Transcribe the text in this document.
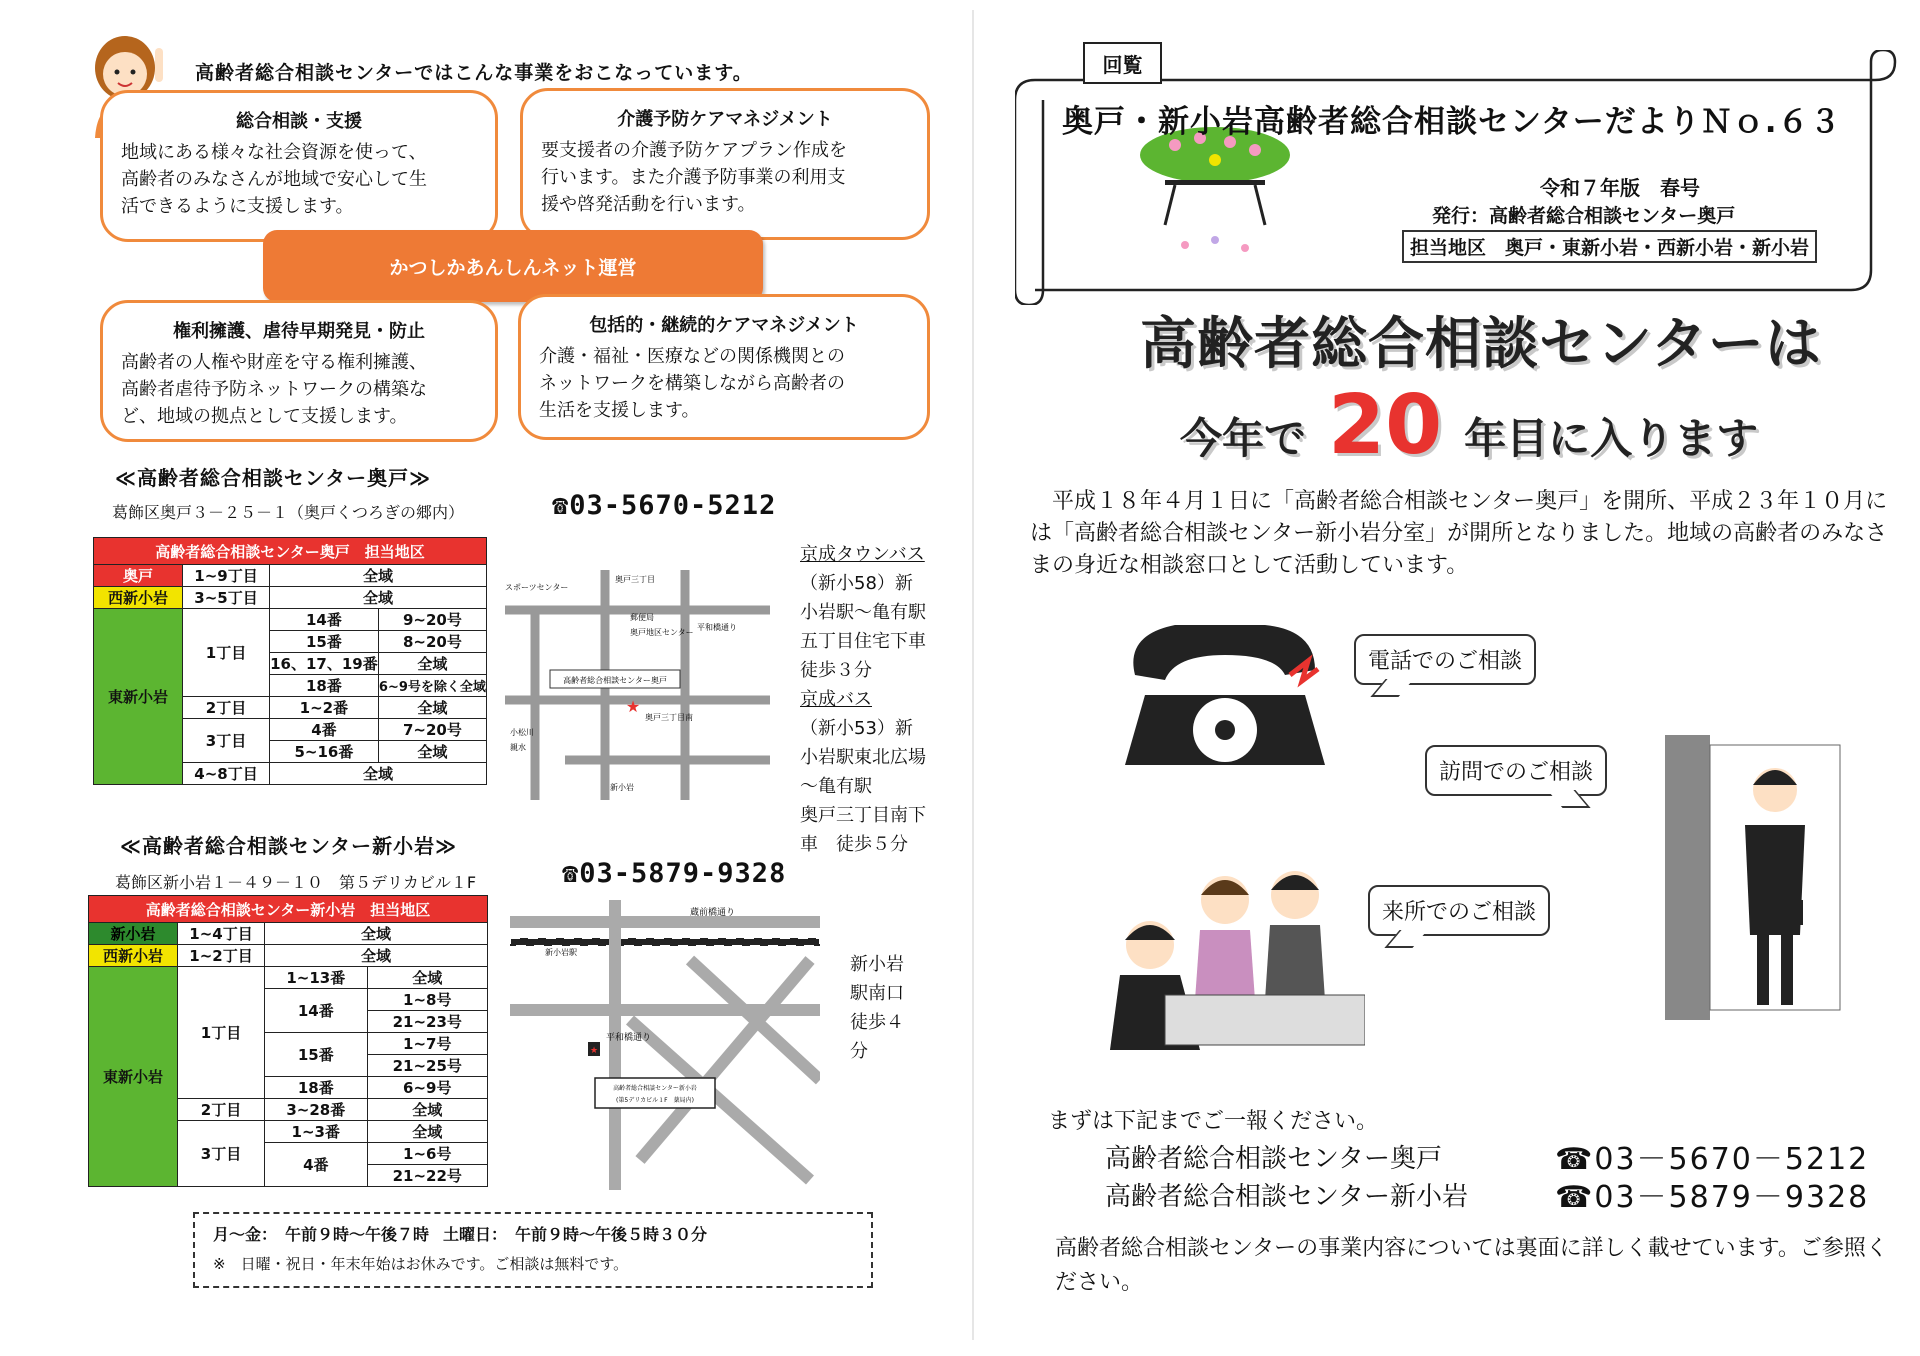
高齢者総合相談センターではこんな事業をおこなっています。
総合相談・支援

地域にある様々な社会資源を使って、
高齢者のみなさんが地域で安心して生
活できるように支援します。

介護予防ケアマネジメント

要支援者の介護予防ケアプラン作成を
行います。また介護予防事業の利用支
援や啓発活動を行います。

かつしかあんしんネット運営
権利擁護、虐待早期発見・防止

高齢者の人権や財産を守る権利擁護、
高齢者虐待予防ネットワークの構築な
ど、地域の拠点として支援します。

包括的・継続的ケアマネジメント

介護・福祉・医療などの関係機関との
ネットワークを構築しながら高齢者の
生活を支援します。

≪高齢者総合相談センター奥戸≫
葛飾区奥戸３－２５－１（奥戸くつろぎの郷内）	☎03-5670-5212
高齢者総合相談センター奥戸　担当地区			
奥戸	1~9丁目	全域	
西新小岩	3~5丁目	全域	
東新小岩	1丁目	14番	9~20号
		15番	8~20号
		16、17、19番	全域
		18番	6~9号を除く全域

	2丁目	1~2番	全域
	3丁目	4番	7~20号
		5~16番	全域
	4~8丁目	全域	
高齢者総合相談センター奥戸
スポーツセンター
奥戸三丁目
平和橋通り
郵便局
奥戸地区センター
奥戸三丁目南
新小岩
小松川
親水
★
京成タウンバス
（新小58）新
小岩駅～亀有駅
五丁目住宅下車
徒歩３分
京成バス
（新小53）新
小岩駅東北広場
～亀有駅
奥戸三丁目南下
車　徒歩５分
≪高齢者総合相談センター新小岩≫
葛飾区新小岩１－４９－１０　第５デリカビル１F	☎03-5879-9328
高齢者総合相談センター新小岩　担当地区			
新小岩	1~4丁目	全域	
西新小岩	1~2丁目	全域	
東新小岩	1丁目	1~13番	全域
		14番	1~8号
			21~23号
		15番	1~7号
			21~25号
		18番	6~9号
	2丁目	3~28番	全域
	3丁目	1~3番	全域
		4番	1~6号
			21~22号
蔵前橋通り
新小岩駅
平和橋通り
高齢者総合相談センター新小岩
(第5デリカビル１F　薬局内)
★
新小岩
駅南口
徒歩４
分
月～金：　午前９時～午後７時 土曜日：　午前９時～午後５時３０分
※　日曜・祝日・年末年始はお休みです。ご相談は無料です。
回覧
奥戸・新小岩高齢者総合相談センターだよりＮｏ.６３
令和７年版　春号
発行：高齢者総合相談センター奥戸
担当地区　奥戸・東新小岩・西新小岩・新小岩
高齢者総合相談センターは
今年で 20 年目に入ります
平成１８年４月１日に「高齢者総合相談センター奥戸」を開所、平成２３年１０月には「高齢者総合相談センター新小岩分室」が開所となりました。地域の高齢者のみなさまの身近な相談窓口として活動しています。
電話でのご相談
訪問でのご相談
来所でのご相談
まずは下記までご一報ください。
高齢者総合相談センター奥戸	☎03－5670－5212
高齢者総合相談センター新小岩	☎03－5879－9328
高齢者総合相談センターの事業内容については裏面に詳しく載せています。ご参照ください。
